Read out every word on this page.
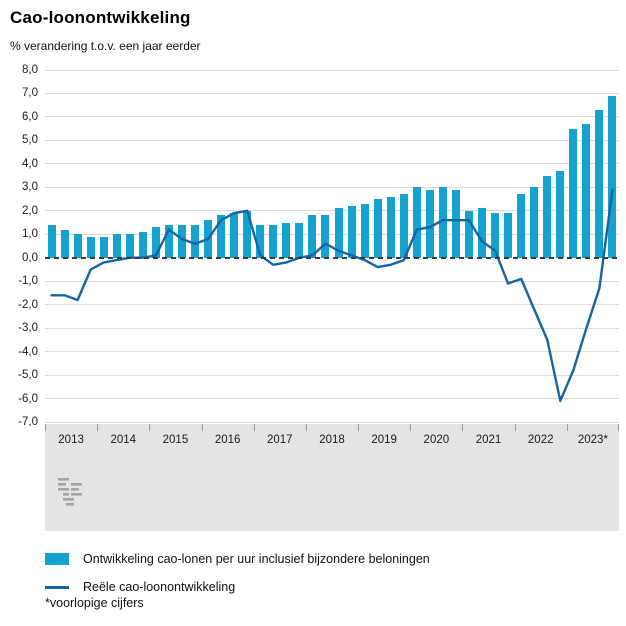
Cao-loonontwikkeling
% verandering t.o.v. een jaar eerder
8,0
7,0
6,0
5,0
4,0
3,0
2,0
1,0
0,0
-1,0
-2,0
-3,0
-4,0
-5,0
-6,0
-7,0
2013	2014	2015	2016	2017	2018	2019	2020	2021	2022	2023*
Ontwikkeling cao-lonen per uur inclusief bijzondere beloningen
Reële cao-loonontwikkeling
*voorlopige cijfers
